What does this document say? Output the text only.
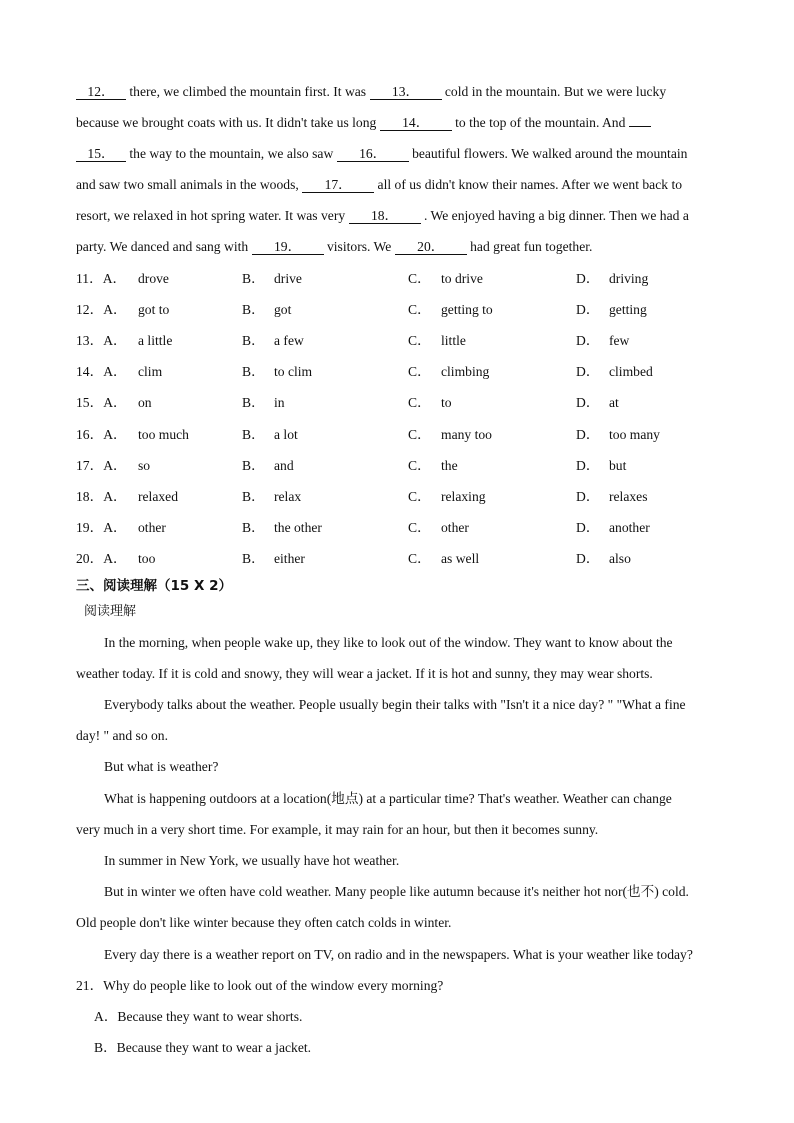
12． there, we climbed the mountain first. It was 13． cold in the mountain. But we were lucky
because we brought coats with us. It didn't take us long 14． to the top of the mountain. And
15． the way to the mountain, we also saw 16． beautiful flowers. We walked around the mountain
and saw two small animals in the woods, 17． all of us didn't know their names. After we went back to
resort, we relaxed in hot spring water. It was very 18． . We enjoyed having a big dinner. Then we had a
party. We danced and sang with 19． visitors. We 20． had great fun together.
11．A． drove	B． drive	C． to drive	D． driving
12．A． got to	B． got	C． getting to	D． getting
13．A． a little	B． a few	C． little	D． few
14．A． clim	B． to clim	C． climbing	D． climbed
15．A． on	B． in	C． to	D． at
16．A． too much	B． a lot	C． many too	D． too many
17．A． so	B． and	C． the	D． but
18．A． relaxed	B． relax	C． relaxing	D． relaxes
19．A． other	B． the other	C． other	D． another
20．A． too	B． either	C． as well	D． also
三、阅读理解（15 X 2）
阅读理解
In the morning, when people wake up, they like to look out of the window. They want to know about the
weather today. If it is cold and snowy, they will wear a jacket. If it is hot and sunny, they may wear shorts.
Everybody talks about the weather. People usually begin their talks with "Isn't it a nice day? " "What a fine
day! " and so on.
But what is weather?
What is happening outdoors at a location(地点) at a particular time? That's weather. Weather can change
very much in a very short time. For example, it may rain for an hour, but then it becomes sunny.
In summer in New York, we usually have hot weather.
But in winter we often have cold weather. Many people like autumn because it's neither hot nor(也不) cold.
Old people don't like winter because they often catch colds in winter.
Every day there is a weather report on TV, on radio and in the newspapers. What is your weather like today?
21．Why do people like to look out of the window every morning?
A．Because they want to wear shorts.
B．Because they want to wear a jacket.
